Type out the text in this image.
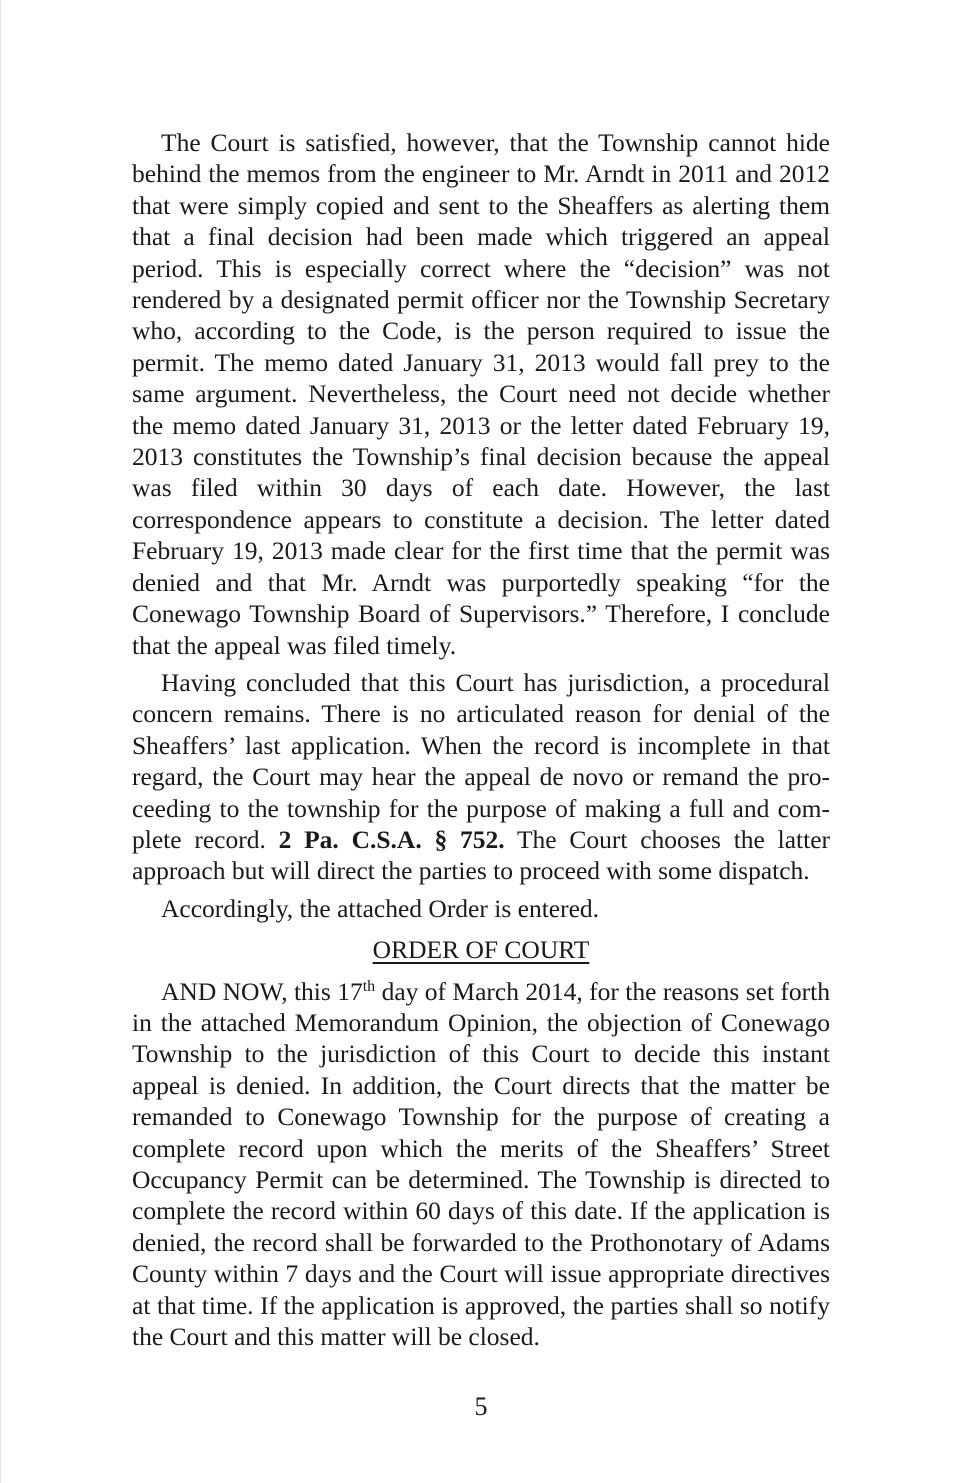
The Court is satisfied, however, that the Township cannot hide behind the memos from the engineer to Mr. Arndt in 2011 and 2012 that were simply copied and sent to the Sheaffers as alerting them that a final decision had been made which triggered an appeal period. This is especially correct where the “decision” was not rendered by a designated permit officer nor the Township Secretary who, according to the Code, is the person required to issue the permit. The memo dated January 31, 2013 would fall prey to the same argument. Nevertheless, the Court need not decide whether the memo dated January 31, 2013 or the letter dated February 19, 2013 constitutes the Township’s final decision because the appeal was filed within 30 days of each date. However, the last correspondence appears to constitute a decision. The letter dated February 19, 2013 made clear for the first time that the permit was denied and that Mr. Arndt was purportedly speaking “for the Conewago Township Board of Supervisors.” Therefore, I conclude that the appeal was filed timely.

Having concluded that this Court has jurisdiction, a procedural concern remains. There is no articulated reason for denial of the Sheaffers’ last application. When the record is incomplete in that regard, the Court may hear the appeal de novo or remand the proceeding to the township for the purpose of making a full and complete record. 2 Pa. C.S.A. § 752. The Court chooses the latter approach but will direct the parties to proceed with some dispatch.

Accordingly, the attached Order is entered.

ORDER OF COURT

AND NOW, this 17th day of March 2014, for the reasons set forth in the attached Memorandum Opinion, the objection of Conewago Township to the jurisdiction of this Court to decide this instant appeal is denied. In addition, the Court directs that the matter be remanded to Conewago Township for the purpose of creating a complete record upon which the merits of the Sheaffers’ Street Occupancy Permit can be determined. The Township is directed to complete the record within 60 days of this date. If the application is denied, the record shall be forwarded to the Prothonotary of Adams County within 7 days and the Court will issue appropriate directives at that time. If the application is approved, the parties shall so notify the Court and this matter will be closed.

5
